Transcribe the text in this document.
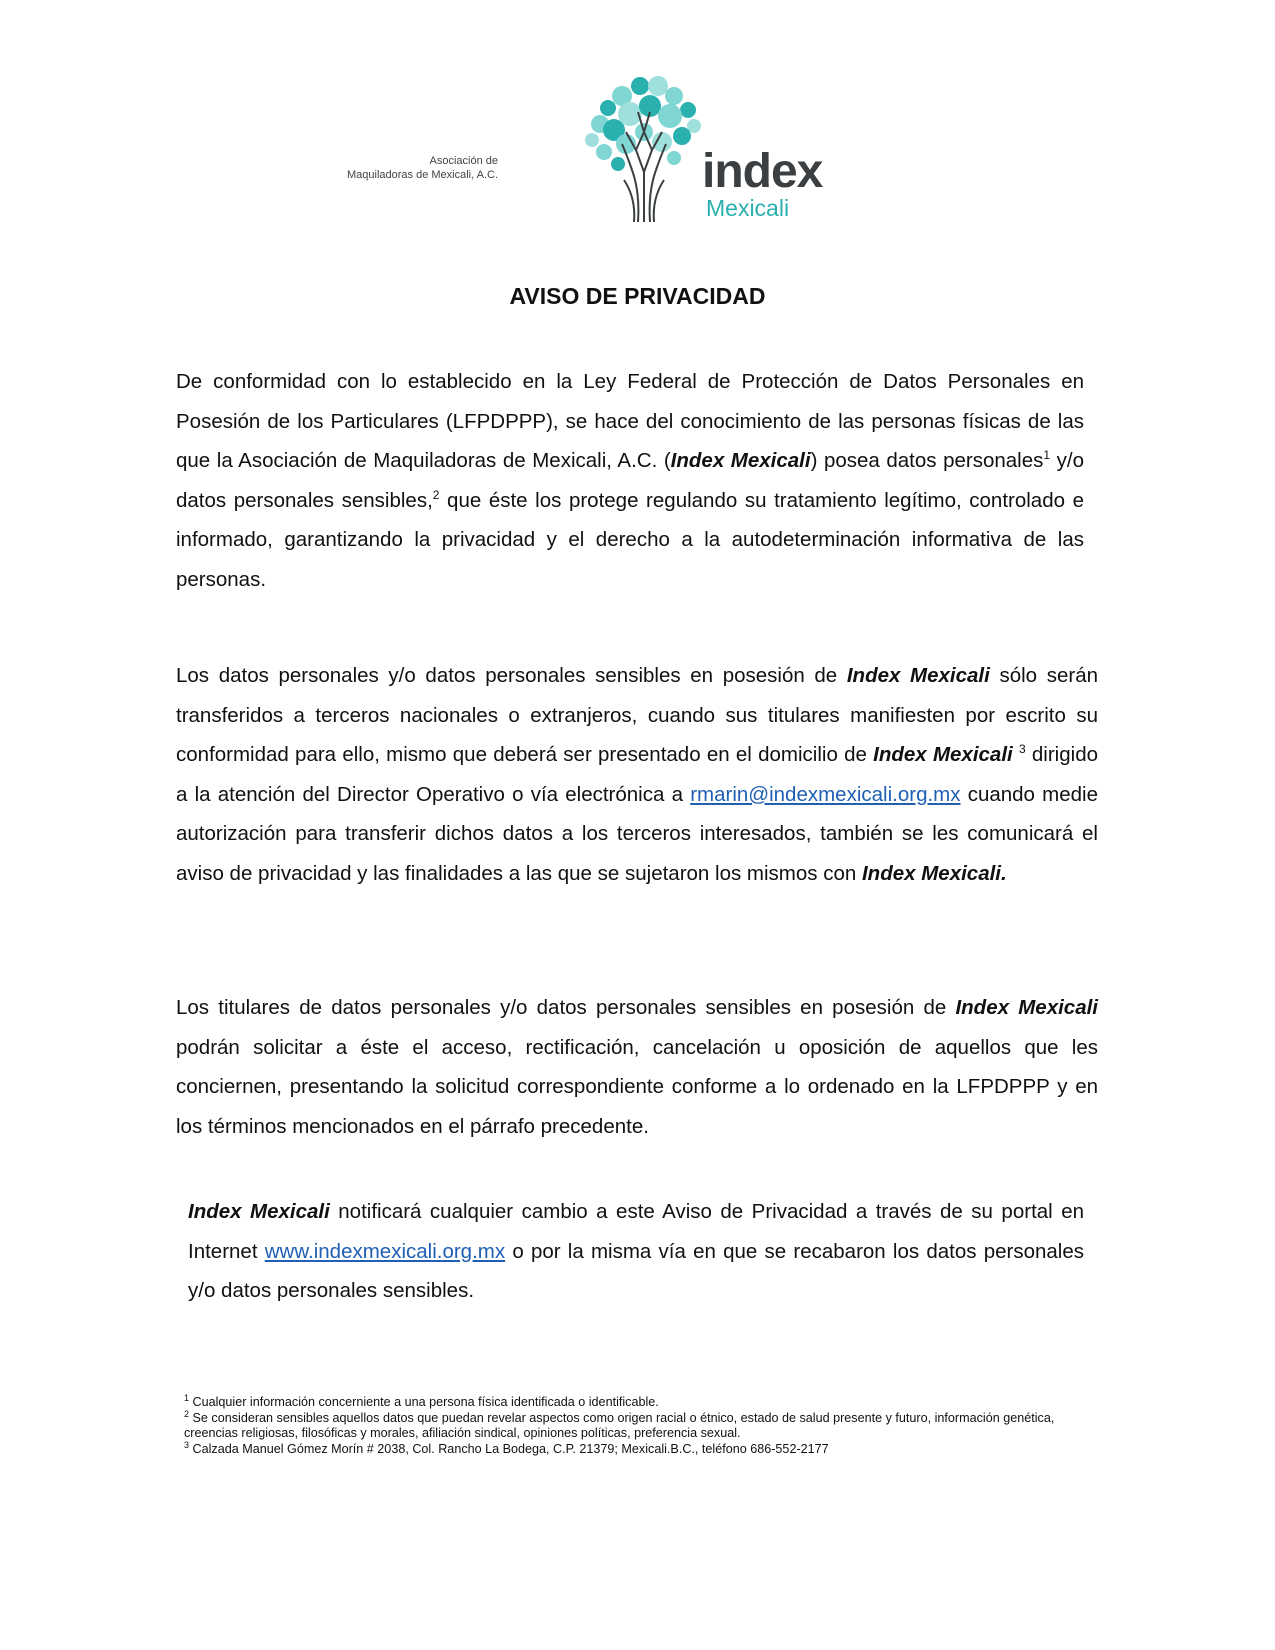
Asociación de
Maquiladoras de Mexicali, A.C.	index
Mexicali
AVISO DE PRIVACIDAD

De conformidad con lo establecido en la Ley Federal de Protección de Datos Personales en Posesión de los Particulares (LFPDPPP), se hace del conocimiento de las personas físicas de las que la Asociación de Maquiladoras de Mexicali, A.C. (Index Mexicali) posea datos personales$^1$ y/o datos personales sensibles,$^2$ que éste los protege regulando su tratamiento legítimo, controlado e informado, garantizando la privacidad y el derecho a la autodeterminación informativa de las personas.

Los datos personales y/o datos personales sensibles en posesión de Index Mexicali sólo serán transferidos a terceros nacionales o extranjeros, cuando sus titulares manifiesten por escrito su conformidad para ello, mismo que deberá ser presentado en el domicilio de Index Mexicali $^3$ dirigido a la atención del Director Operativo o vía electrónica a rmarin@indexmexicali.org.mx cuando medie autorización para transferir dichos datos a los terceros interesados, también se les comunicará el aviso de privacidad y las finalidades a las que se sujetaron los mismos con Index Mexicali.

Los titulares de datos personales y/o datos personales sensibles en posesión de Index Mexicali podrán solicitar a éste el acceso, rectificación, cancelación u oposición de aquellos que les conciernen, presentando la solicitud correspondiente conforme a lo ordenado en la LFPDPPP y en los términos mencionados en el párrafo precedente.

Index Mexicali notificará cualquier cambio a este Aviso de Privacidad a través de su portal en Internet www.indexmexicali.org.mx o por la misma vía en que se recabaron los datos personales y/o datos personales sensibles.

$^1$ Cualquier información concerniente a una persona física identificada o identificable.

$^2$ Se consideran sensibles aquellos datos que puedan revelar aspectos como origen racial o étnico, estado de salud presente y futuro, información genética, creencias religiosas, filosóficas y morales, afiliación sindical, opiniones políticas, preferencia sexual.

$^3$ Calzada Manuel Gómez Morín # 2038, Col. Rancho La Bodega, C.P. 21379; Mexicali.B.C., teléfono 686-552-2177
